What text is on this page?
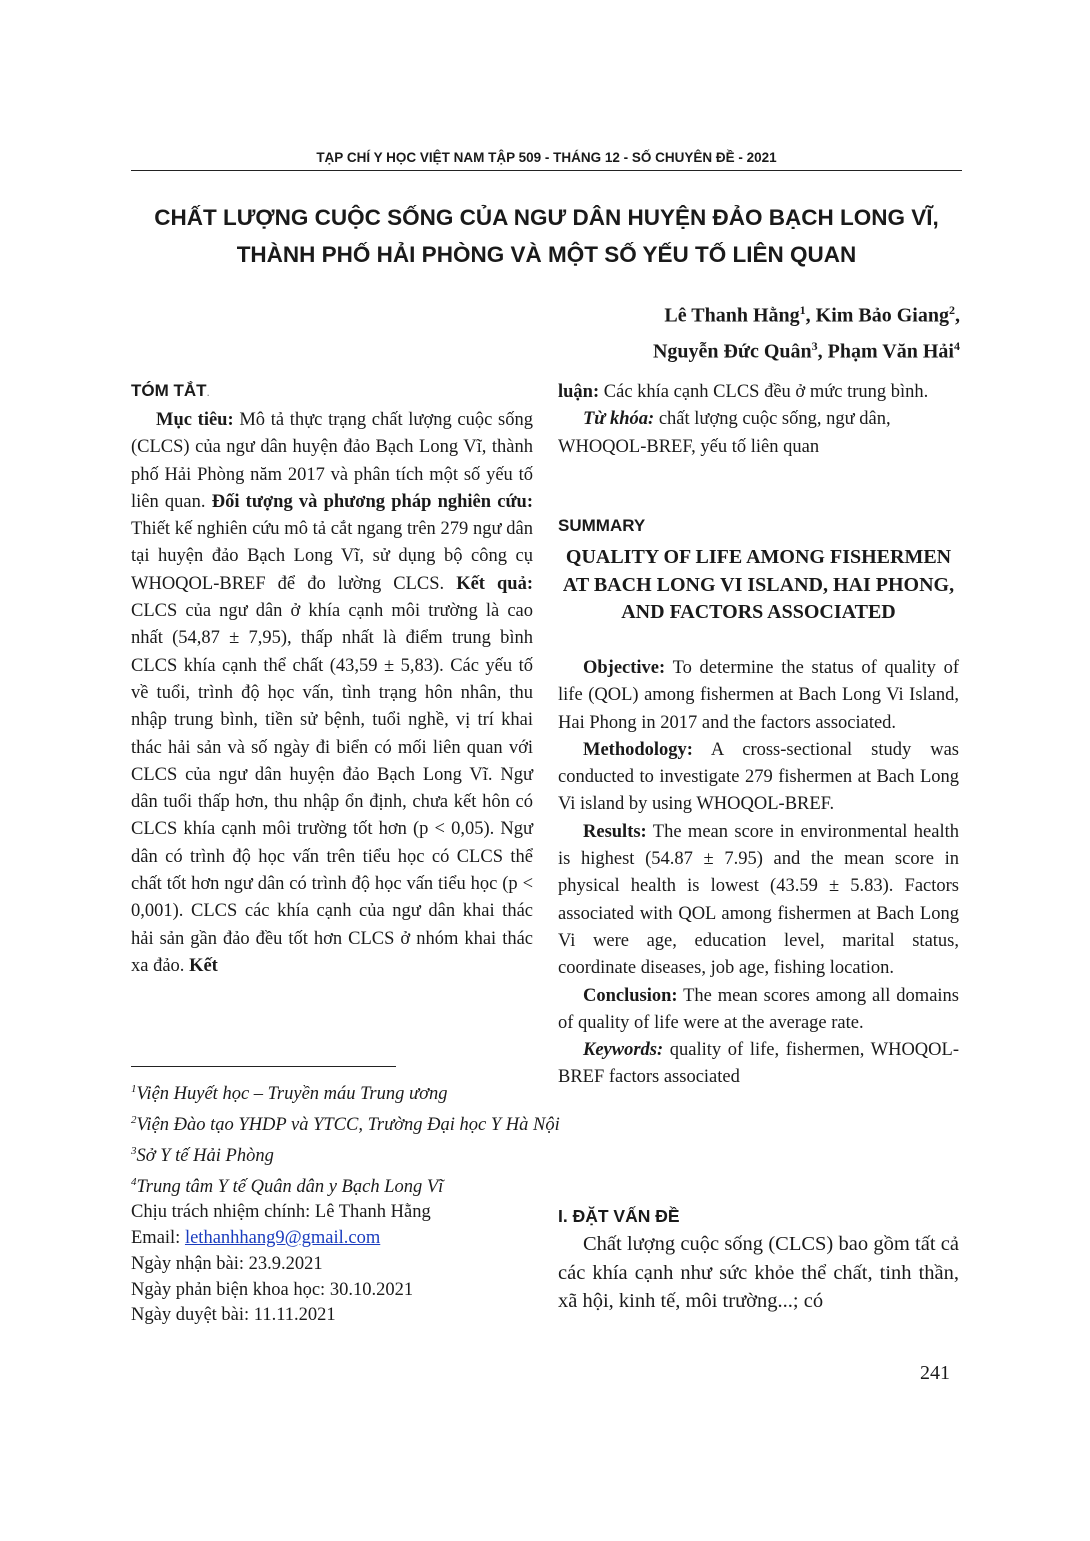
TẠP CHÍ Y HỌC VIỆT NAM TẬP 509 - THÁNG 12 - SỐ CHUYÊN ĐỀ - 2021
CHẤT LƯỢNG CUỘC SỐNG CỦA NGƯ DÂN HUYỆN ĐẢO BẠCH LONG VĨ,
THÀNH PHỐ HẢI PHÒNG VÀ MỘT SỐ YẾU TỐ LIÊN QUAN
Lê Thanh Hằng$^1$, Kim Bảo Giang$^2$,
Nguyễn Đức Quân$^3$, Phạm Văn Hải$^4$
TÓM TẮT.

Mục tiêu: Mô tả thực trạng chất lượng cuộc sống (CLCS) của ngư dân huyện đảo Bạch Long Vĩ, thành phố Hải Phòng năm 2017 và phân tích một số yếu tố liên quan. Đối tượng và phương pháp nghiên cứu: Thiết kế nghiên cứu mô tả cắt ngang trên 279 ngư dân tại huyện đảo Bạch Long Vĩ, sử dụng bộ công cụ WHOQOL-BREF để đo lường CLCS. Kết quả: CLCS của ngư dân ở khía cạnh môi trường là cao nhất (54,87 ± 7,95), thấp nhất là điểm trung bình CLCS khía cạnh thể chất (43,59 ± 5,83). Các yếu tố về tuổi, trình độ học vấn, tình trạng hôn nhân, thu nhập trung bình, tiền sử bệnh, tuổi nghề, vị trí khai thác hải sản và số ngày đi biển có mối liên quan với CLCS của ngư dân huyện đảo Bạch Long Vĩ. Ngư dân tuổi thấp hơn, thu nhập ổn định, chưa kết hôn có CLCS khía cạnh môi trường tốt hơn (p < 0,05). Ngư dân có trình độ học vấn trên tiểu học có CLCS thể chất tốt hơn ngư dân có trình độ học vấn tiểu học (p < 0,001). CLCS các khía cạnh của ngư dân khai thác hải sản gần đảo đều tốt hơn CLCS ở nhóm khai thác xa đảo. Kết

$^1$Viện Huyết học – Truyền máu Trung ương

$^2$Viện Đào tạo YHDP và YTCC, Trường Đại học Y Hà Nội

$^3$Sở Y tế Hải Phòng

$^4$Trung tâm Y tế Quân dân y Bạch Long Vĩ

Chịu trách nhiệm chính: Lê Thanh Hằng

Email: lethanhhang9@gmail.com

Ngày nhận bài: 23.9.2021

Ngày phản biện khoa học: 30.10.2021

Ngày duyệt bài: 11.11.2021

luận: Các khía cạnh CLCS đều ở mức trung bình.

Từ khóa: chất lượng cuộc sống, ngư dân, WHOQOL-BREF, yếu tố liên quan

SUMMARY
QUALITY OF LIFE AMONG FISHERMEN AT BACH LONG VI ISLAND, HAI PHONG, AND FACTORS ASSOCIATED

Objective: To determine the status of quality of life (QOL) among fishermen at Bach Long Vi Island, Hai Phong in 2017 and the factors associated.

Methodology: A cross-sectional study was conducted to investigate 279 fishermen at Bach Long Vi island by using WHOQOL-BREF.

Results: The mean score in environmental health is highest (54.87 ± 7.95) and the mean score in physical health is lowest (43.59 ± 5.83). Factors associated with QOL among fishermen at Bach Long Vi were age, education level, marital status, coordinate diseases, job age, fishing location.

Conclusion: The mean scores among all domains of quality of life were at the average rate.

Keywords: quality of life, fishermen, WHOQOL-BREF factors associated

I. ĐẶT VẤN ĐỀ

Chất lượng cuộc sống (CLCS) bao gồm tất cả các khía cạnh như sức khỏe thể chất, tinh thần, xã hội, kinh tế, môi trường...; có

241
